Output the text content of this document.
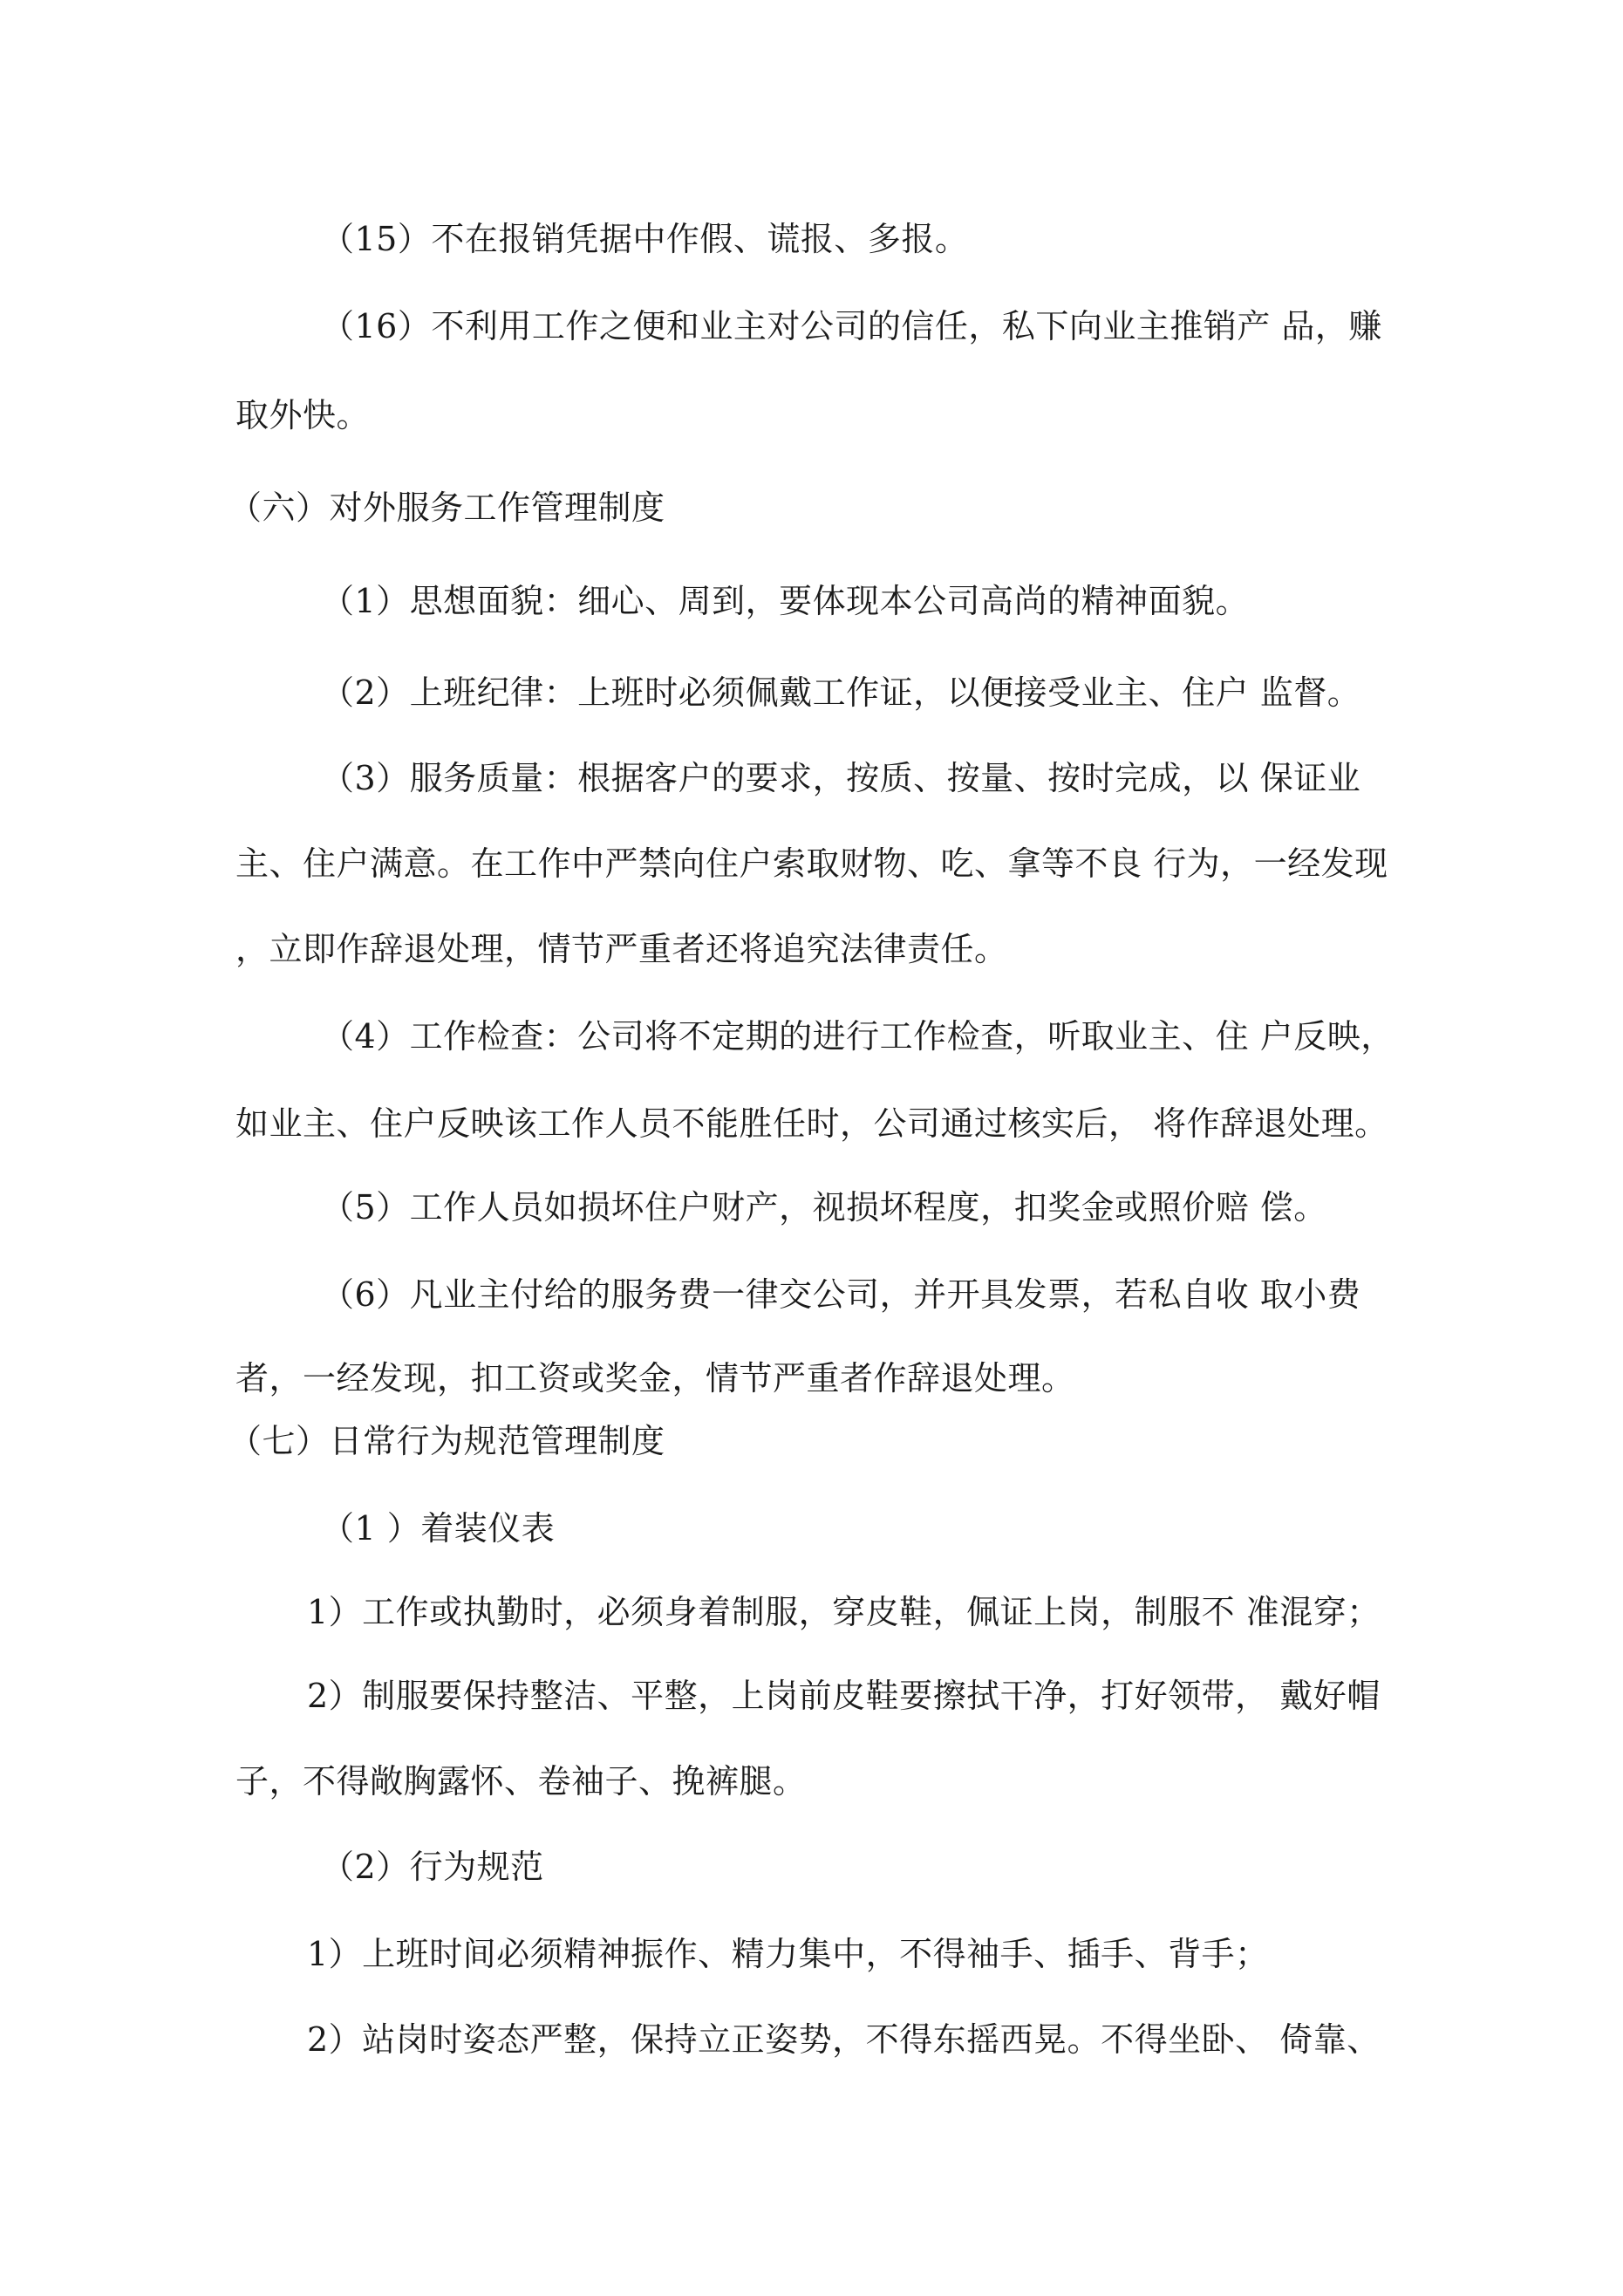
（15）不在报销凭据中作假、谎报、多报。

（16）不利用工作之便和业主对公司的信任，私下向业主推销产 品，赚

取外快。

（六）对外服务工作管理制度

（1）思想面貌：细心、周到，要体现本公司高尚的精神面貌。

（2）上班纪律：上班时必须佩戴工作证，以便接受业主、住户 监督。

（3）服务质量：根据客户的要求，按质、按量、按时完成，以 保证业

主、住户满意。在工作中严禁向住户索取财物、吃、拿等不良 行为，一经发现

，立即作辞退处理，情节严重者还将追究法律责任。

（4）工作检查：公司将不定期的进行工作检查，听取业主、住 户反映，

如业主、住户反映该工作人员不能胜任时，公司通过核实后， 将作辞退处理。

（5）工作人员如损坏住户财产，视损坏程度，扣奖金或照价赔 偿。

（6）凡业主付给的服务费一律交公司，并开具发票，若私自收 取小费

者，一经发现，扣工资或奖金，情节严重者作辞退处理。

（七）日常行为规范管理制度

（1 ）着装仪表

1）工作或执勤时，必须身着制服，穿皮鞋，佩证上岗，制服不 准混穿；

2）制服要保持整洁、平整，上岗前皮鞋要擦拭干净，打好领带， 戴好帽

子，不得敞胸露怀、卷袖子、挽裤腿。

（2）行为规范

1）上班时间必须精神振作、精力集中，不得袖手、插手、背手；

2）站岗时姿态严整，保持立正姿势，不得东摇西晃。不得坐卧、 倚靠、
